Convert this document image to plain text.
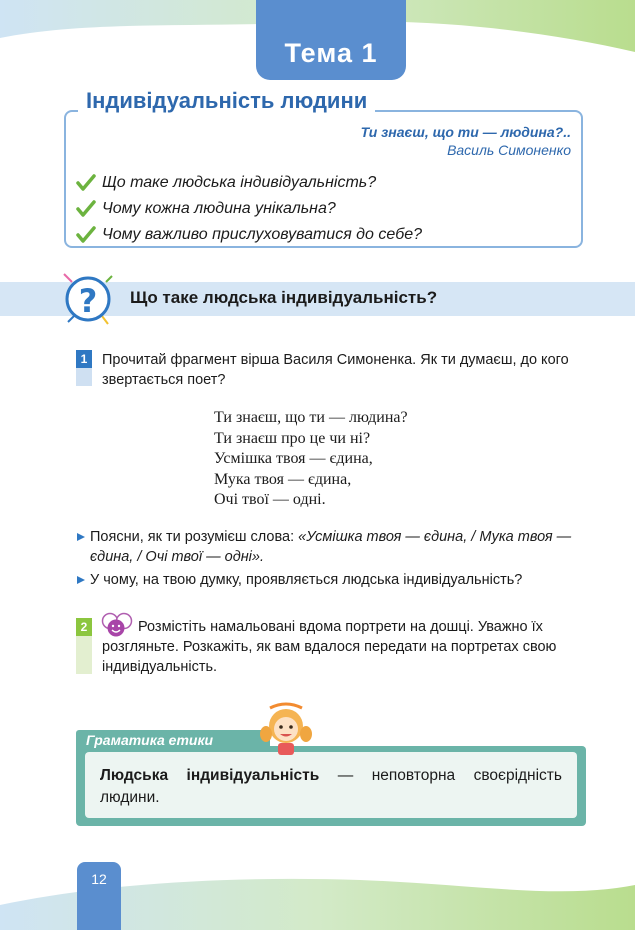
Тема 1
Індивідуальність людини
Ти знаєш, що ти — людина?..
Василь Симоненко
Що таке людська індивідуальність?
Чому кожна людина унікальна?
Чому важливо прислуховуватися до себе?
? Що таке людська індивідуальність?
1	Прочитай фрагмент вірша Василя Симоненка. Як ти думаєш, до кого звертається поет?
Ти знаєш, що ти — людина?
Ти знаєш про це чи ні?
Усмішка твоя — єдина,
Мука твоя — єдина,
Очі твої — одні.
Поясни, як ти розумієш слова: «Усмішка твоя — єдина, / Мука твоя — єдина, / Очі твої — одні».
У чому, на твою думку, проявляється людська індивідуальність?
2	Розмістіть намальовані вдома портрети на дошці. Уважно їх розгляньте. Розкажіть, як вам вдалося передати на портретах свою індивідуальність.
Граматика етики
Людська індивідуальність — неповторна своєрідність людини.
12
